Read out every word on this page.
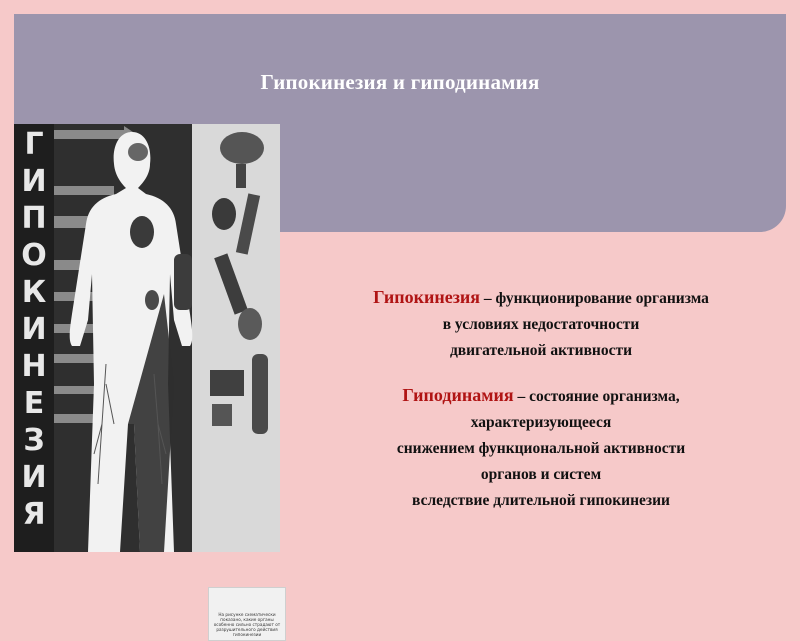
Гипокинезия и гиподинамия
Г
И
П
О
К
И
Н
Е
З
И
Я
На рисунке схематически показано, какие органы особенно сильно страдают от разрушительного действия гипокинезии
Гипокинезия – функционирование организма
в условиях недостаточности
двигательной активности
Гиподинамия – состояние организма,
характеризующееся
снижением функциональной активности
органов и систем
вследствие длительной гипокинезии
